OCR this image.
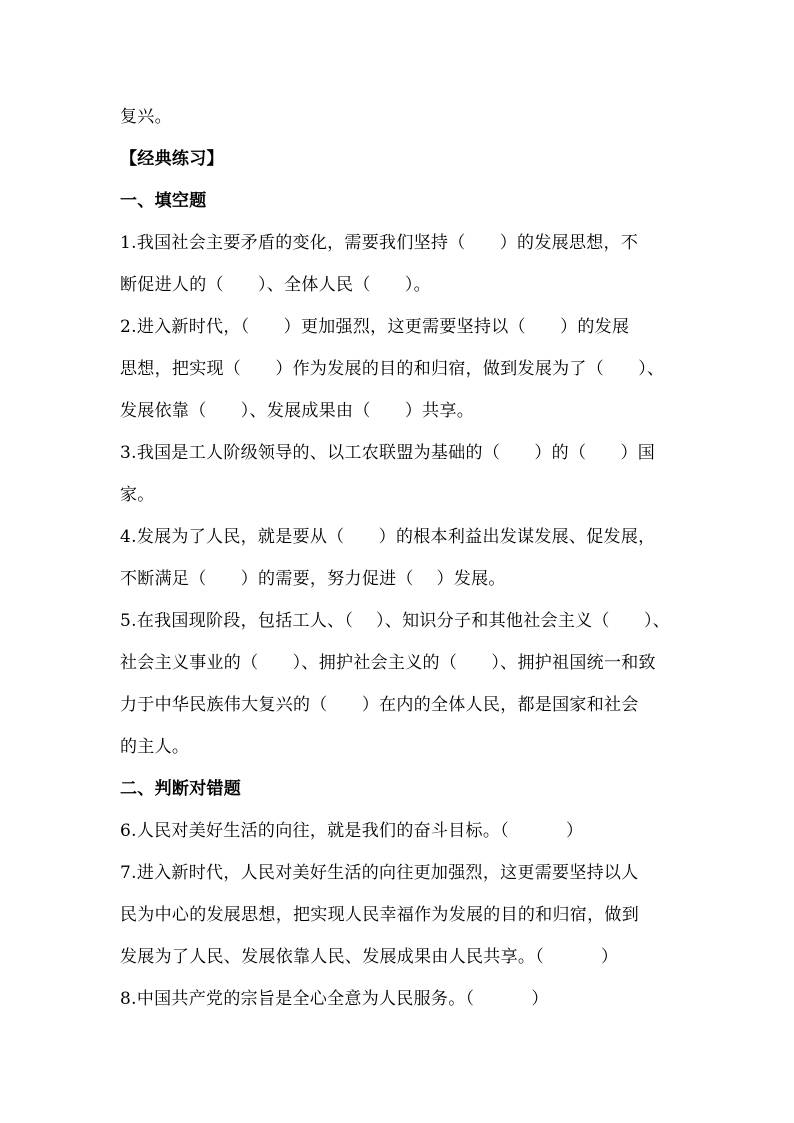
复兴。
【经典练习】
一、填空题
1.我国社会主要矛盾的变化，需要我们坚持（      ）的发展思想，不
断促进人的（      ）、全体人民（      ）。
2.进入新时代，（      ）更加强烈，这更需要坚持以（      ）的发展
思想，把实现（      ）作为发展的目的和归宿，做到发展为了（      ）、
发展依靠（      ）、发展成果由（      ）共享。
3.我国是工人阶级领导的、以工农联盟为基础的（      ）的（      ）国
家。
4.发展为了人民，就是要从（      ）的根本利益出发谋发展、促发展，
不断满足（      ）的需要，努力促进（    ）发展。
5.在我国现阶段，包括工人、（    ）、知识分子和其他社会主义（      ）、
社会主义事业的（      ）、拥护社会主义的（      ）、拥护祖国统一和致
力于中华民族伟大复兴的（      ）在内的全体人民，都是国家和社会
的主人。
二、判断对错题
6.人民对美好生活的向往，就是我们的奋斗目标。（          ）
7.进入新时代，人民对美好生活的向往更加强烈，这更需要坚持以人
民为中心的发展思想，把实现人民幸福作为发展的目的和归宿，做到
发展为了人民、发展依靠人民、发展成果由人民共享。（          ）
8.中国共产党的宗旨是全心全意为人民服务。（          ）
